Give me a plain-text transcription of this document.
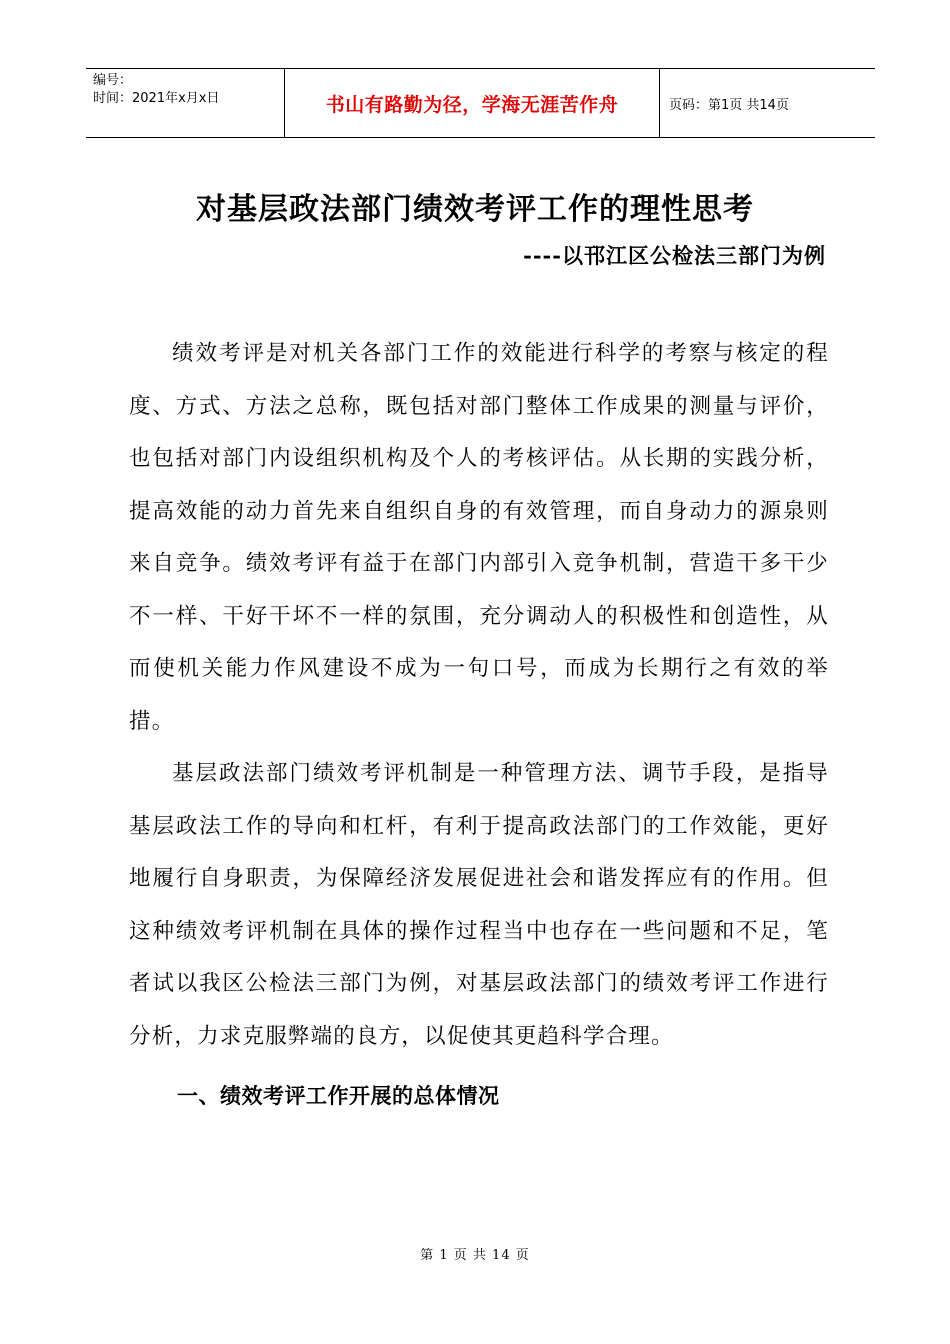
编号：
时间：2021年x月x日	书山有路勤为径，学海无涯苦作舟	页码：第1页 共14页
对基层政法部门绩效考评工作的理性思考
----以邗江区公检法三部门为例

绩效考评是对机关各部门工作的效能进行科学的考察与核定的程度、方式、方法之总称，既包括对部门整体工作成果的测量与评价，也包括对部门内设组织机构及个人的考核评估。从长期的实践分析，提高效能的动力首先来自组织自身的有效管理，而自身动力的源泉则来自竞争。绩效考评有益于在部门内部引入竞争机制，营造干多干少不一样、干好干坏不一样的氛围，充分调动人的积极性和创造性，从而使机关能力作风建设不成为一句口号，而成为长期行之有效的举措。

基层政法部门绩效考评机制是一种管理方法、调节手段，是指导基层政法工作的导向和杠杆，有利于提高政法部门的工作效能，更好地履行自身职责，为保障经济发展促进社会和谐发挥应有的作用。但这种绩效考评机制在具体的操作过程当中也存在一些问题和不足，笔者试以我区公检法三部门为例，对基层政法部门的绩效考评工作进行分析，力求克服弊端的良方，以促使其更趋科学合理。

一、绩效考评工作开展的总体情况
第 1 页 共 14 页
